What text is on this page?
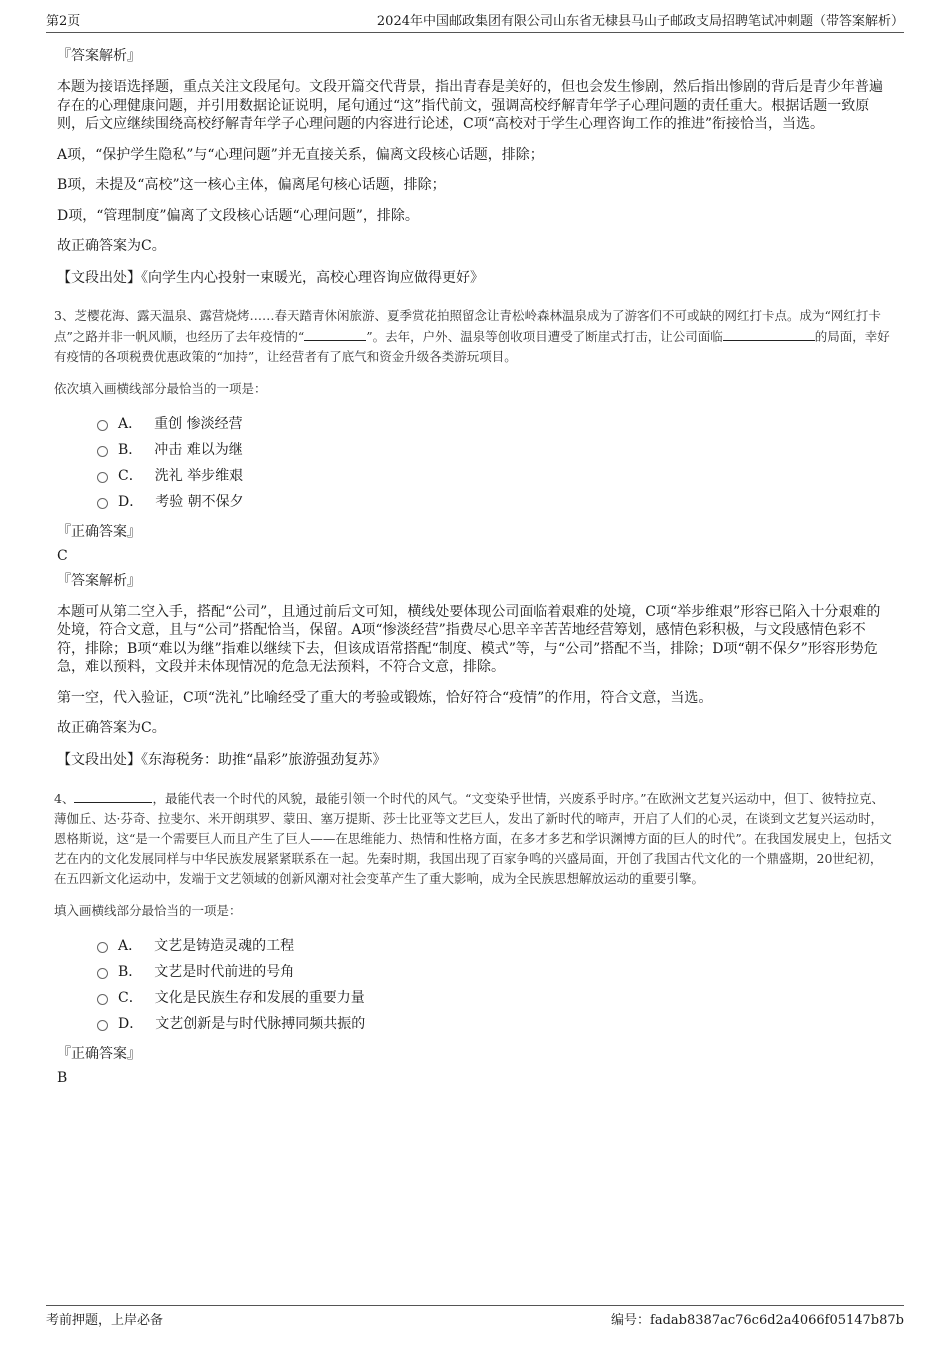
第2页	2024年中国邮政集团有限公司山东省无棣县马山子邮政支局招聘笔试冲刺题（带答案解析）
『答案解析』

本题为接语选择题，重点关注文段尾句。文段开篇交代背景，指出青春是美好的，但也会发生惨剧，然后指出惨剧的背后是青少年普遍存在的心理健康问题，并引用数据论证说明，尾句通过“这”指代前文，强调高校纾解青年学子心理问题的责任重大。根据话题一致原则，后文应继续围绕高校纾解青年学子心理问题的内容进行论述，C项“高校对于学生心理咨询工作的推进”衔接恰当，当选。

A项，“保护学生隐私”与“心理问题”并无直接关系，偏离文段核心话题，排除；

B项，未提及“高校”这一核心主体，偏离尾句核心话题，排除；

D项，“管理制度”偏离了文段核心话题“心理问题”，排除。

故正确答案为C。

【文段出处】《向学生内心投射一束暖光，高校心理咨询应做得更好》

3、芝樱花海、露天温泉、露营烧烤……春天踏青休闲旅游、夏季赏花拍照留念让青松岭森林温泉成为了游客们不可或缺的网红打卡点。成为“网红打卡点”之路并非一帆风顺，也经历了去年疫情的“	”。去年，户外、温泉等创收项目遭受了断崖式打击，让公司面临	的局面，幸好有疫情的各项税费优惠政策的“加持”，让经营者有了底气和资金升级各类游玩项目。

依次填入画横线部分最恰当的一项是：

A． 重创 惨淡经营
B． 冲击 难以为继
C． 洗礼 举步维艰
D． 考验 朝不保夕
『正确答案』
C
『答案解析』

本题可从第二空入手，搭配“公司”，且通过前后文可知，横线处要体现公司面临着艰难的处境，C项“举步维艰”形容已陷入十分艰难的处境，符合文意，且与“公司”搭配恰当，保留。A项“惨淡经营”指费尽心思辛辛苦苦地经营筹划，感情色彩积极，与文段感情色彩不符，排除；B项“难以为继”指难以继续下去，但该成语常搭配“制度、模式”等，与“公司”搭配不当，排除；D项“朝不保夕”形容形势危急，难以预料，文段并未体现情况的危急无法预料，不符合文意，排除。

第一空，代入验证，C项“洗礼”比喻经受了重大的考验或锻炼，恰好符合“疫情”的作用，符合文意，当选。

故正确答案为C。

【文段出处】《东海税务：助推“晶彩”旅游强劲复苏》

4、	，最能代表一个时代的风貌，最能引领一个时代的风气。“文变染乎世情，兴废系乎时序。”在欧洲文艺复兴运动中，但丁、彼特拉克、薄伽丘、达·芬奇、拉斐尔、米开朗琪罗、蒙田、塞万提斯、莎士比亚等文艺巨人，发出了新时代的啼声，开启了人们的心灵，在谈到文艺复兴运动时，恩格斯说，这“是一个需要巨人而且产生了巨人——在思维能力、热情和性格方面，在多才多艺和学识渊博方面的巨人的时代”。在我国发展史上，包括文艺在内的文化发展同样与中华民族发展紧紧联系在一起。先秦时期，我国出现了百家争鸣的兴盛局面，开创了我国古代文化的一个鼎盛期，20世纪初，在五四新文化运动中，发端于文艺领域的创新风潮对社会变革产生了重大影响，成为全民族思想解放运动的重要引擎。

填入画横线部分最恰当的一项是：

A． 文艺是铸造灵魂的工程
B． 文艺是时代前进的号角
C． 文化是民族生存和发展的重要力量
D． 文艺创新是与时代脉搏同频共振的
『正确答案』
B
考前押题，上岸必备	编号：fadab8387ac76c6d2a4066f05147b87b
